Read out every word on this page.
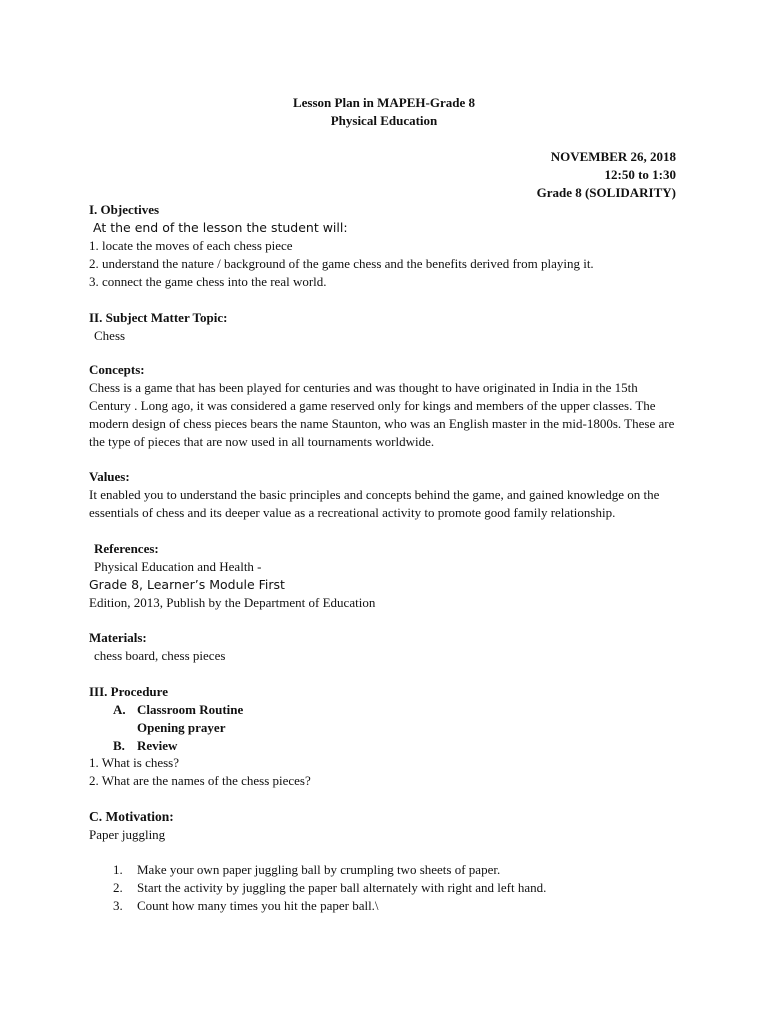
Lesson Plan in MAPEH-Grade 8
Physical Education
NOVEMBER 26, 2018
12:50 to 1:30
Grade 8 (SOLIDARITY)
I. Objectives
At the end of the lesson the student will:
1. locate the moves of each chess piece
2. understand the nature / background of the game chess and the benefits derived from playing it.
3. connect the game chess into the real world.
II. Subject Matter Topic:
Chess
Concepts:
Chess is a game that has been played for centuries and was thought to have originated in India in the 15th
Century . Long ago, it was considered a game reserved only for kings and members of the upper classes. The
modern design of chess pieces bears the name Staunton, who was an English master in the mid-1800s. These are
the type of pieces that are now used in all tournaments worldwide.
Values:
It enabled you to understand the basic principles and concepts behind the game, and gained knowledge on the
essentials of chess and its deeper value as a recreational activity to promote good family relationship.
References:
Physical Education and Health -
Grade 8, Learner’s Module First
Edition, 2013, Publish by the Department of Education
Materials:
chess board, chess pieces
III. Procedure
A. Classroom Routine
Opening prayer
B. Review
1. What is chess?
2. What are the names of the chess pieces?
C. Motivation:
Paper juggling
1. Make your own paper juggling ball by crumpling two sheets of paper.
2. Start the activity by juggling the paper ball alternately with right and left hand.
3. Count how many times you hit the paper ball.\
